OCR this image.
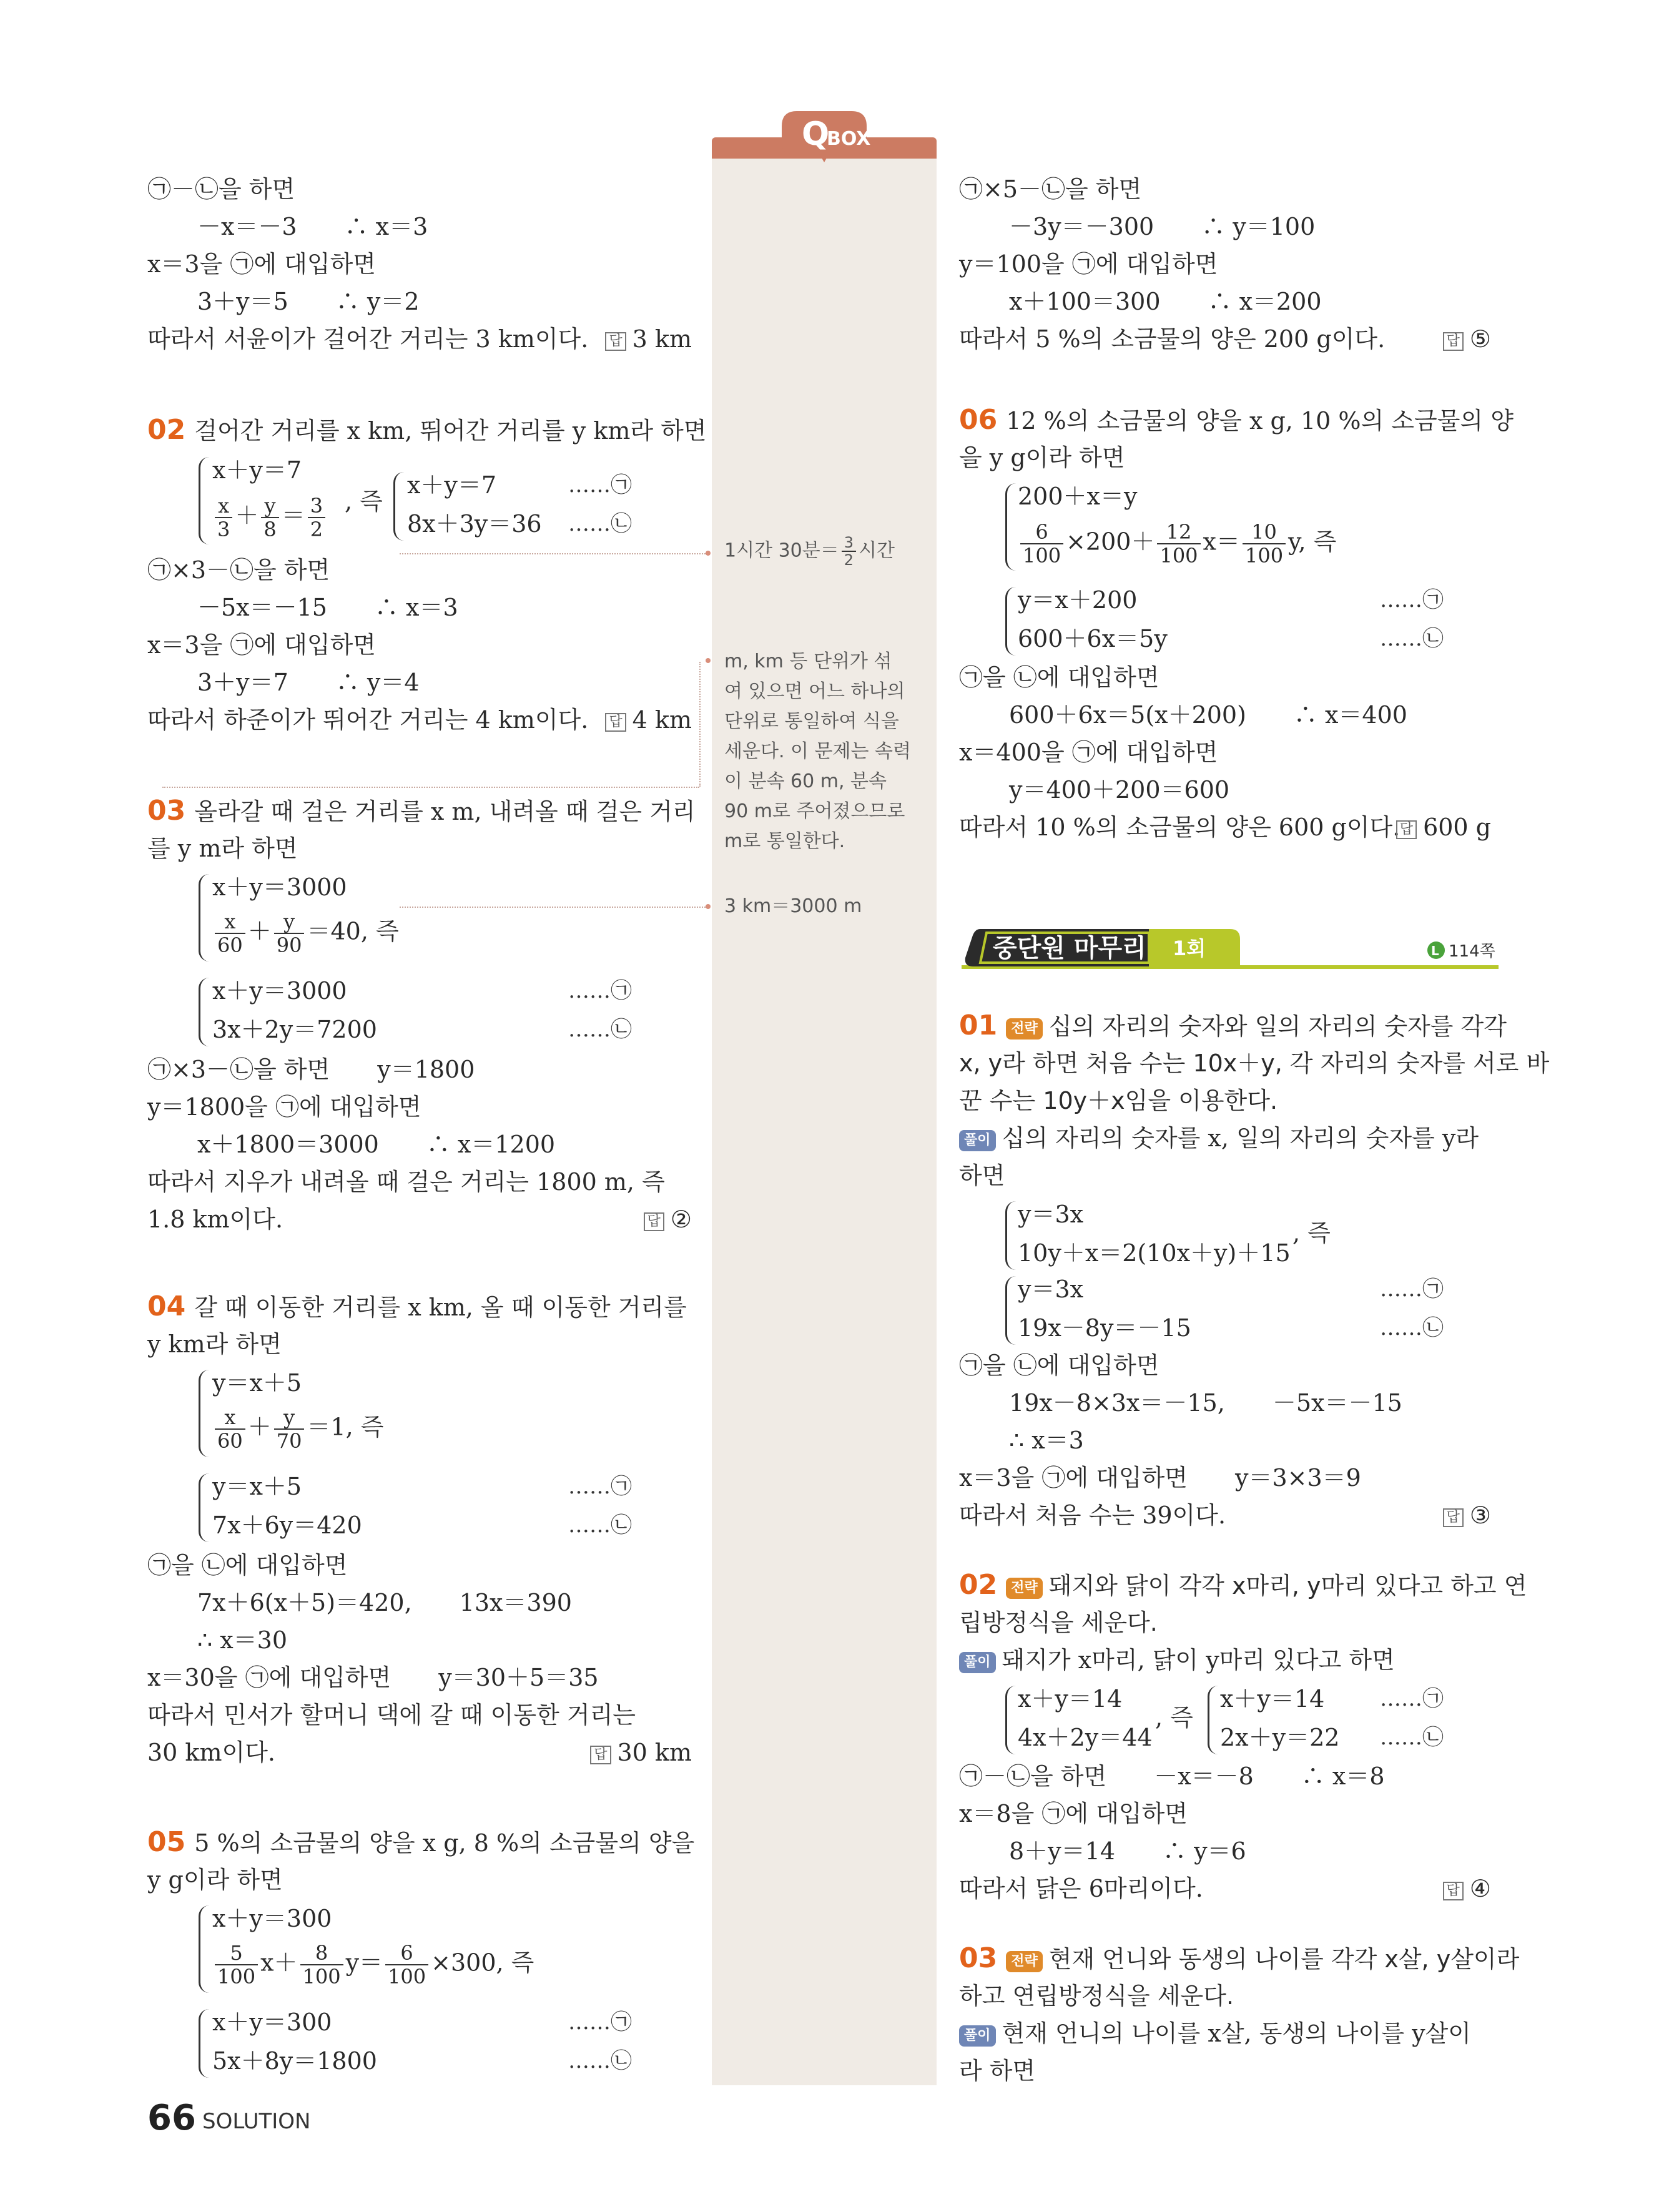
Q
BOX
1시간 30분＝ $\frac{3}{2}$ 시간
m, km 등 단위가 섞
여 있으면 어느 하나의
단위로 통일하여 식을
세운다. 이 문제는 속력
이 분속 60 m, 분속
90 m로 주어졌으므로
m로 통일한다.
3 km＝3000 m
㉠－㉡을 하면
－x＝－3　　∴ x＝3
x＝3을 ㉠에 대입하면
3＋y＝5　　∴ y＝2
따라서 서윤이가 걸어간 거리는 3 km이다.	답 3 km
02 걸어간 거리를 x km, 뛰어간 거리를 y km라 하면
x＋y＝7
$\frac{x}{3} + \frac{y}{8} = \frac{3}{2}$ , 즉
x＋y＝7
8x＋3y＝36
……㉠
……㉡
㉠×3－㉡을 하면
－5x＝－15　　∴ x＝3
x＝3을 ㉠에 대입하면
3＋y＝7　　∴ y＝4
따라서 하준이가 뛰어간 거리는 4 km이다.	답 4 km
03 올라갈 때 걸은 거리를 x m, 내려올 때 걸은 거리
를 y m라 하면
x＋y＝3000
$\frac{x}{60} + \frac{y}{90} =40$, 즉
x＋y＝3000
3x＋2y＝7200
……㉠
……㉡
㉠×3－㉡을 하면　　y＝1800
y＝1800을 ㉠에 대입하면
x＋1800＝3000　　∴ x＝1200
따라서 지우가 내려올 때 걸은 거리는 1800 m, 즉
1.8 km이다.	답 ②
04 갈 때 이동한 거리를 x km, 올 때 이동한 거리를
y km라 하면
y＝x＋5
$\frac{x}{60} + \frac{y}{70} =1$, 즉
y＝x＋5
7x＋6y＝420
……㉠
……㉡
㉠을 ㉡에 대입하면
7x＋6(x＋5)＝420,　　13x＝390
∴ x＝30
x＝30을 ㉠에 대입하면　　y＝30＋5＝35
따라서 민서가 할머니 댁에 갈 때 이동한 거리는
30 km이다.	답 30 km
05 5 %의 소금물의 양을 x g, 8 %의 소금물의 양을
y g이라 하면
x＋y＝300
$\frac{5}{100} x+ \frac{8}{100} y= \frac{6}{100} \times 300$, 즉
x＋y＝300
5x＋8y＝1800
……㉠
……㉡
㉠×5－㉡을 하면
－3y＝－300　　∴ y＝100
y＝100을 ㉠에 대입하면
x＋100＝300　　∴ x＝200
따라서 5 %의 소금물의 양은 200 g이다.	답 ⑤
06 12 %의 소금물의 양을 x g, 10 %의 소금물의 양
을 y g이라 하면
200＋x＝y
$\frac{6}{100} \times 200+ \frac{12}{100} x= \frac{10}{100} y$, 즉
y＝x＋200
600＋6x＝5y
……㉠
……㉡
㉠을 ㉡에 대입하면
600＋6x＝5(x＋200)　　∴ x＝400
x＝400을 ㉠에 대입하면
y＝400＋200＝600
따라서 10 %의 소금물의 양은 600 g이다. 답 600 g
중단원 마무리 1회	L 114쪽
01 전략 십의 자리의 숫자와 일의 자리의 숫자를 각각
x, y라 하면 처음 수는 10x＋y, 각 자리의 숫자를 서로 바
꾼 수는 10y＋x임을 이용한다.
풀이 십의 자리의 숫자를 x, 일의 자리의 숫자를 y라
하면
y＝3x
10y＋x＝2(10x＋y)＋15
, 즉
y＝3x
19x－8y＝－15
……㉠
……㉡
㉠을 ㉡에 대입하면
19x－8×3x＝－15,　　－5x＝－15
∴ x＝3
x＝3을 ㉠에 대입하면　　y＝3×3＝9
따라서 처음 수는 39이다.	답 ③
02 전략 돼지와 닭이 각각 x마리, y마리 있다고 하고 연
립방정식을 세운다.
풀이 돼지가 x마리, 닭이 y마리 있다고 하면
x＋y＝14
4x＋2y＝44
, 즉
x＋y＝14
2x＋y＝22
……㉠
……㉡
㉠－㉡을 하면　　－x＝－8　　∴ x＝8
x＝8을 ㉠에 대입하면
8＋y＝14　　∴ y＝6
따라서 닭은 6마리이다.	답 ④
03 전략 현재 언니와 동생의 나이를 각각 x살, y살이라
하고 연립방정식을 세운다.
풀이 현재 언니의 나이를 x살, 동생의 나이를 y살이
라 하면
66 SOLUTION
